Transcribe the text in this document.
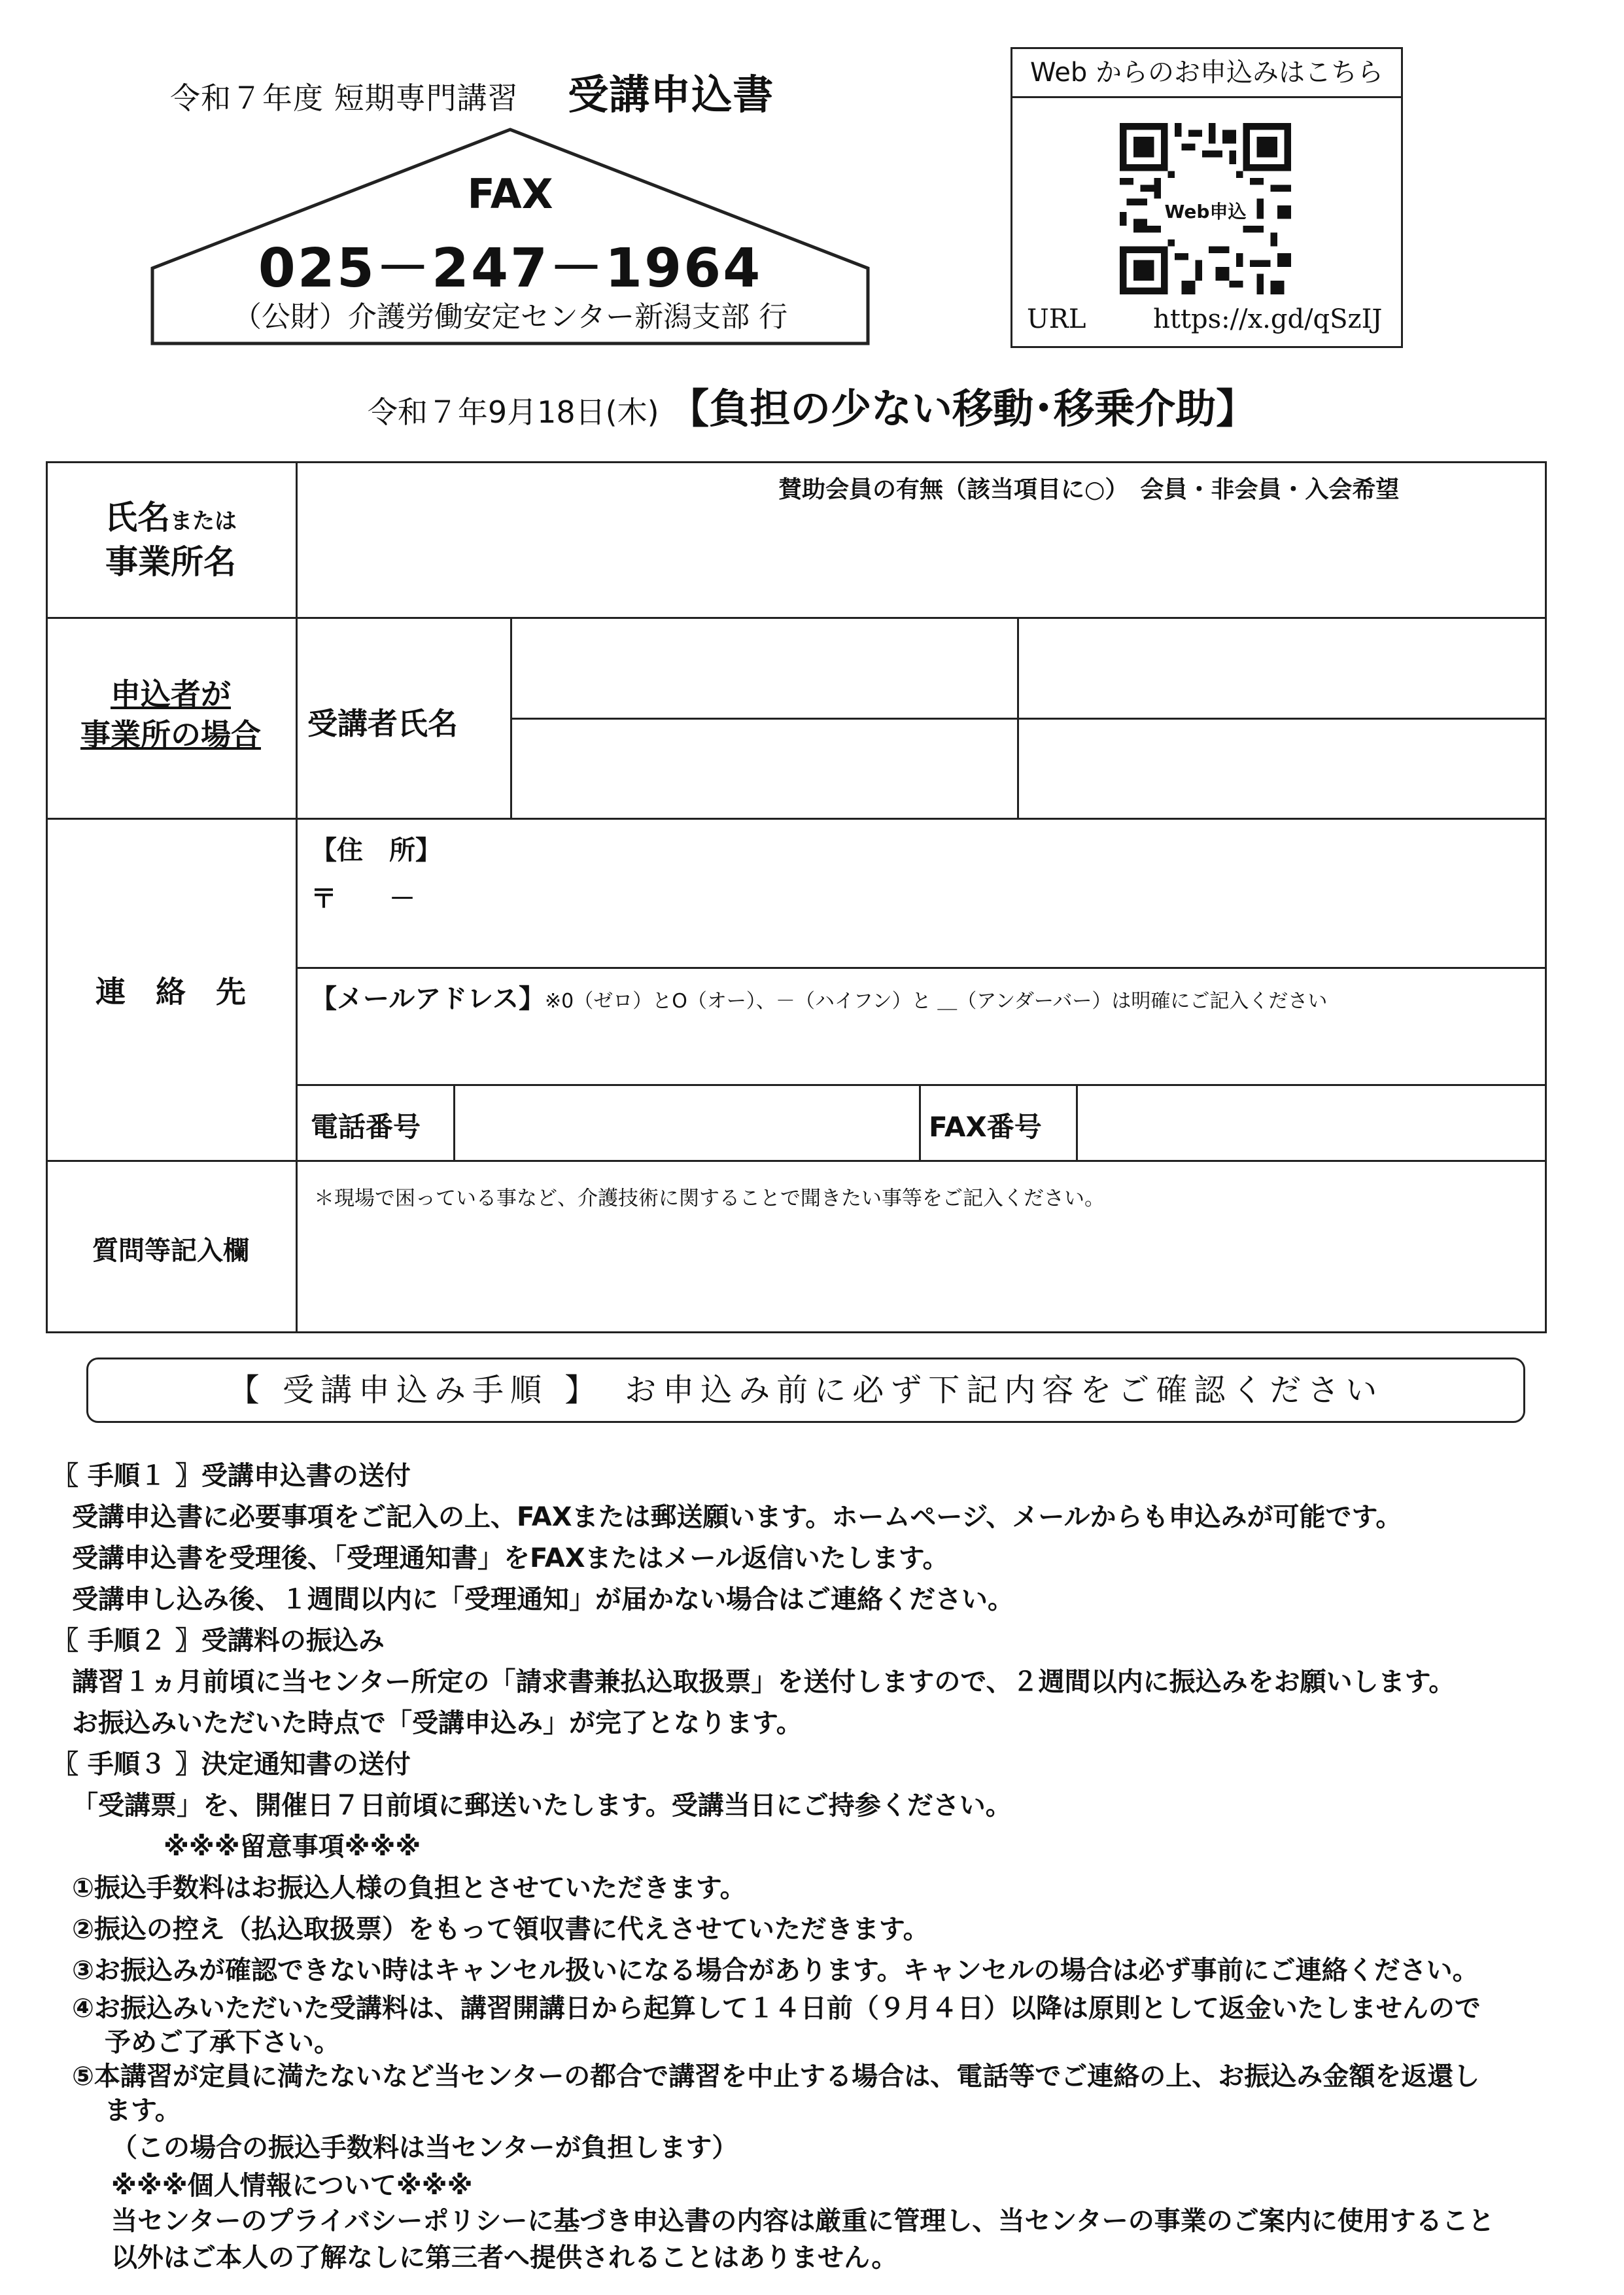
令和７年度 短期専門講習 受講申込書
FAX
025－247－1964
（公財）介護労働安定センター新潟支部 行
Web からのお申込みはこちら
Web申込
URL	https://x.gd/qSzIJ
令和７年9月18日(木) 【負担の少ない移動･移乗介助】
氏名または
事業所名
賛助会員の有無（該当項目に○）　会員・非会員・入会希望
申込者が
事業所の場合	受講者氏名
連　絡　先
【住　所】
〒　　－
【メールアドレス】※0（ゼロ）とO（オー）、－（ハイフン）と ＿（アンダーバー）は明確にご記入ください
電話番号	FAX番号
質問等記入欄
＊現場で困っている事など、介護技術に関することで聞きたい事等をご記入ください。
【 受講申込み手順 】　お申込み前に必ず下記内容をご確認ください

〖 手順１ 〗受講申込書の送付

受講申込書に必要事項をご記入の上、FAXまたは郵送願います。ホームページ、メールからも申込みが可能です。

受講申込書を受理後、「受理通知書」をFAXまたはメール返信いたします。

受講申し込み後、１週間以内に「受理通知」が届かない場合はご連絡ください。

〖 手順２ 〗受講料の振込み

講習１ヵ月前頃に当センター所定の「請求書兼払込取扱票」を送付しますので、２週間以内に振込みをお願いします。

お振込みいただいた時点で「受講申込み」が完了となります。

〖 手順３ 〗決定通知書の送付

「受講票」を、開催日７日前頃に郵送いたします。受講当日にご持参ください。

※※※留意事項※※※

①振込手数料はお振込人様の負担とさせていただきます。

②振込の控え（払込取扱票）をもって領収書に代えさせていただきます。

③お振込みが確認できない時はキャンセル扱いになる場合があります。キャンセルの場合は必ず事前にご連絡ください。

④お振込みいただいた受講料は、講習開講日から起算して１４日前（９月４日）以降は原則として返金いたしませんので

予めご了承下さい。

⑤本講習が定員に満たないなど当センターの都合で講習を中止する場合は、電話等でご連絡の上、お振込み金額を返還し

ます。

（この場合の振込手数料は当センターが負担します）

※※※個人情報について※※※

当センターのプライバシーポリシーに基づき申込書の内容は厳重に管理し、当センターの事業のご案内に使用すること

以外はご本人の了解なしに第三者へ提供されることはありません。
